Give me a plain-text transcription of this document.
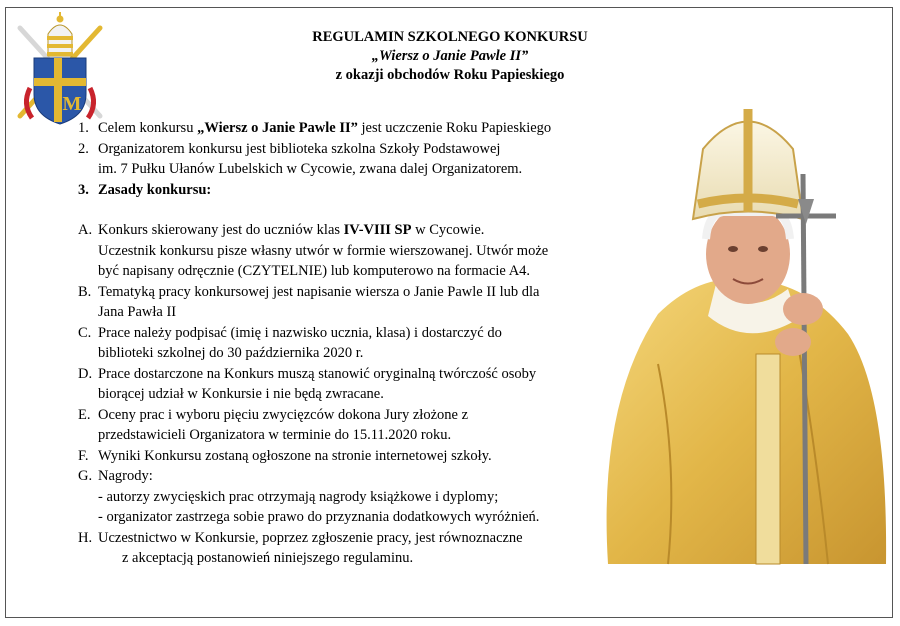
M
REGULAMIN SZKOLNEGO KONKURSU
„Wiersz o Janie Pawle II”
z okazji obchodów Roku Papieskiego
1. Celem konkursu „Wiersz o Janie Pawle II” jest uczczenie Roku Papieskiego
2. Organizatorem konkursu jest biblioteka szkolna Szkoły Podstawowej
im. 7 Pułku Ułanów Lubelskich w Cycowie, zwana dalej Organizatorem.
3. Zasady konkursu:
A. Konkurs skierowany jest do uczniów klas IV-VIII SP w Cycowie.
Uczestnik konkursu pisze własny utwór w formie wierszowanej. Utwór może
być napisany odręcznie (CZYTELNIE) lub komputerowo na formacie A4.
B. Tematyką pracy konkursowej jest napisanie wiersza o Janie Pawle II lub dla
Jana Pawła II
C. Prace należy podpisać (imię i nazwisko ucznia, klasa) i dostarczyć do
biblioteki szkolnej do 30 października 2020 r.
D. Prace dostarczone na Konkurs muszą stanowić oryginalną twórczość osoby
biorącej udział w Konkursie i nie będą zwracane.
E. Oceny prac i wyboru pięciu zwycięzców dokona Jury złożone z
przedstawicieli Organizatora w terminie do 15.11.2020 roku.
F. Wyniki Konkursu zostaną ogłoszone na stronie internetowej szkoły.
G. Nagrody:
- autorzy zwycięskich prac otrzymają nagrody książkowe i dyplomy;
- organizator zastrzega sobie prawo do przyznania dodatkowych wyróżnień.
H. Uczestnictwo w Konkursie, poprzez zgłoszenie pracy, jest równoznaczne
z akceptacją postanowień niniejszego regulaminu.
